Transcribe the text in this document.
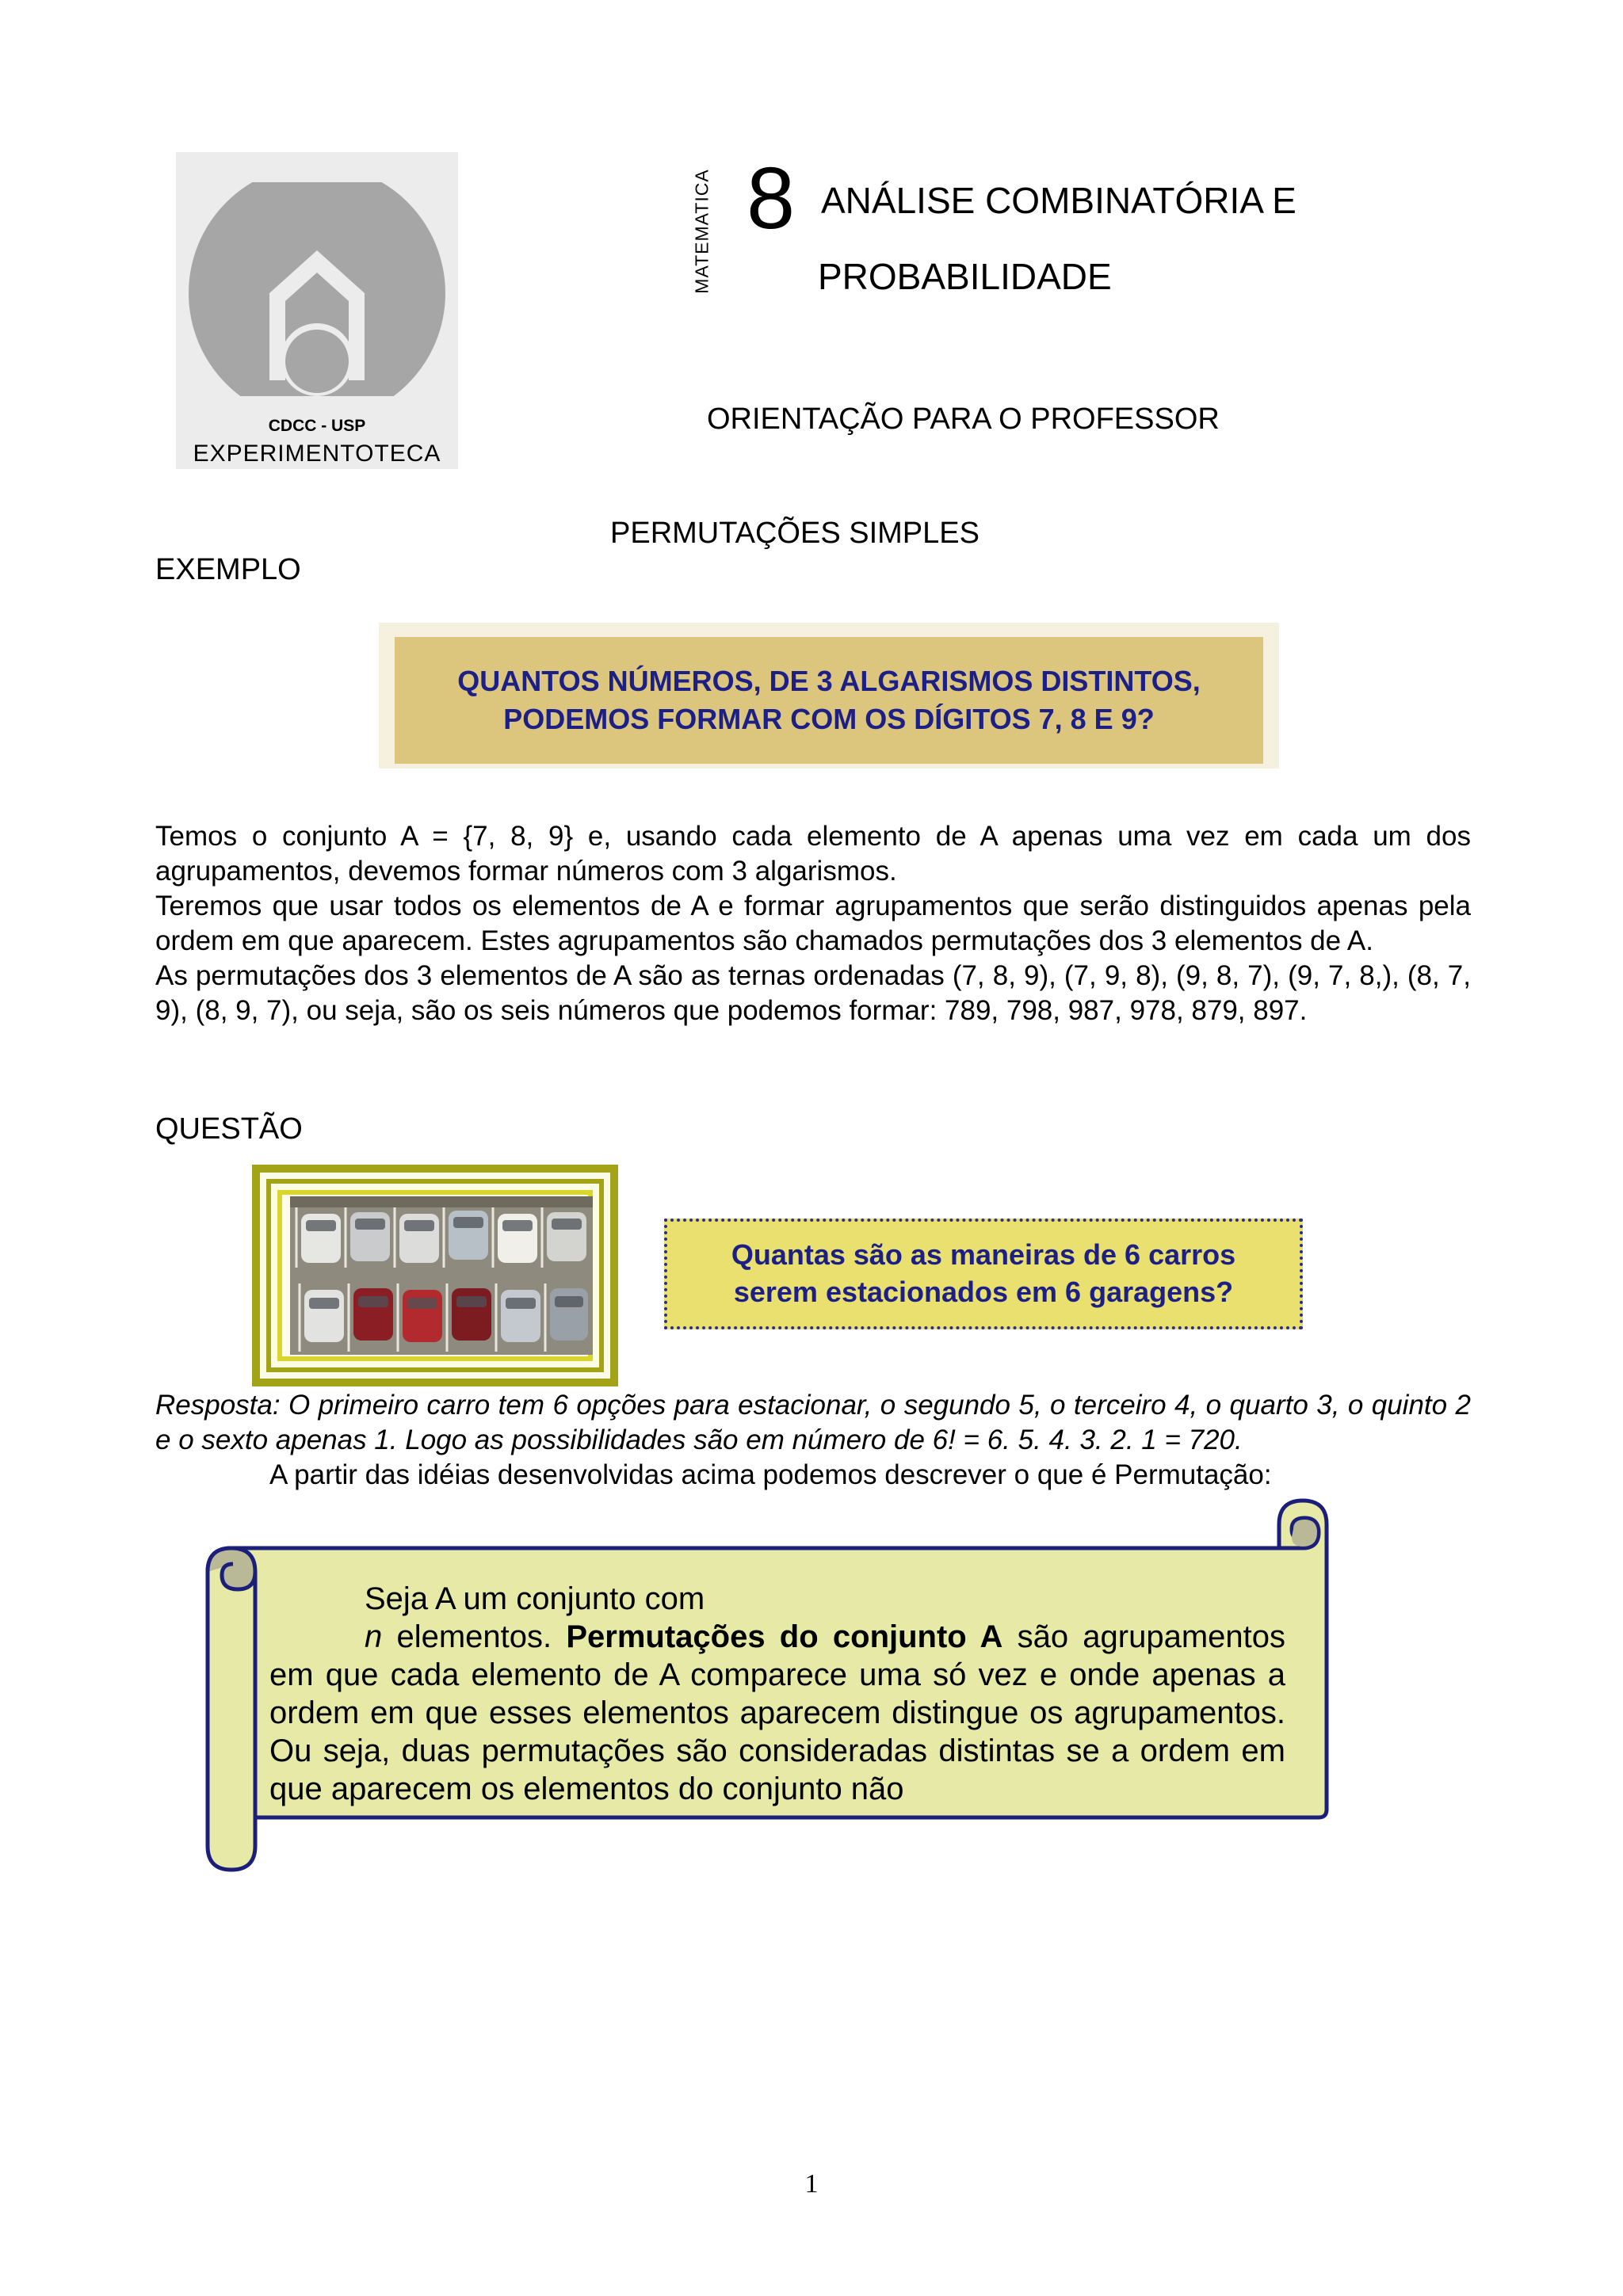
CDCC - USP
EXPERIMENTOTECA
MATEMATICA 8 ANÁLISE COMBINATÓRIA E
PROBABILIDADE
ORIENTAÇÃO PARA O PROFESSOR
PERMUTAÇÕES SIMPLES
EXEMPLO
QUANTOS NÚMEROS, DE 3 ALGARISMOS DISTINTOS,
PODEMOS FORMAR COM OS DÍGITOS 7, 8 E 9?

Temos o conjunto A = {7, 8, 9} e, usando cada elemento de A apenas uma vez em cada um dos agrupamentos, devemos formar números com 3 algarismos.

Teremos que usar todos os elementos de A e formar agrupamentos que serão distinguidos apenas pela ordem em que aparecem. Estes agrupamentos são chamados permutações dos 3 elementos de A.

As permutações dos 3 elementos de A são as ternas ordenadas (7, 8, 9), (7, 9, 8), (9, 8, 7), (9, 7, 8,), (8, 7, 9), (8, 9, 7), ou seja, são os seis números que podemos formar: 789, 798, 987, 978, 879, 897.

QUESTÃO
Quantas são as maneiras de 6 carros
serem estacionados em 6 garagens?
Resposta: O primeiro carro tem 6 opções para estacionar, o segundo 5, o terceiro 4, o quarto 3, o quinto 2 e o sexto apenas 1. Logo as possibilidades são em número de 6! = 6. 5. 4. 3. 2. 1 = 720.
A partir das idéias desenvolvidas acima podemos descrever o que é Permutação:

Seja A um conjunto com

n elementos. Permutações do conjunto A são agrupamentos em que cada elemento de A comparece uma só vez e onde apenas a ordem em que esses elementos aparecem distingue os agrupamentos. Ou seja, duas permutações são consideradas distintas se a ordem em que aparecem os elementos do conjunto não

1
